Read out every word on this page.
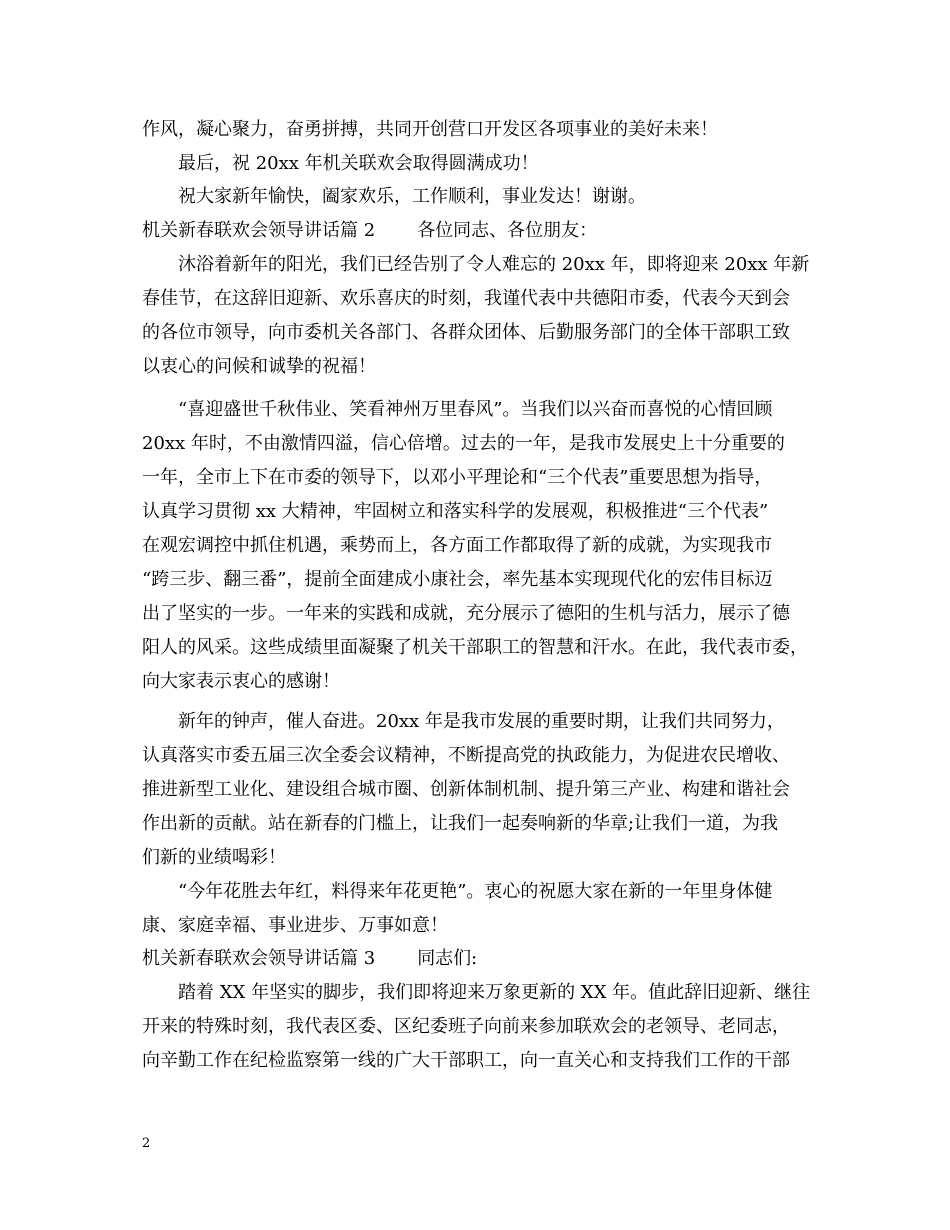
作风，凝心聚力，奋勇拼搏，共同开创营口开发区各项事业的美好未来！
最后，祝 20xx 年机关联欢会取得圆满成功！
祝大家新年愉快，阖家欢乐，工作顺利，事业发达！谢谢。
机关新春联欢会领导讲话篇 2 各位同志、各位朋友：
沐浴着新年的阳光，我们已经告别了令人难忘的 20xx 年，即将迎来 20xx 年新
春佳节，在这辞旧迎新、欢乐喜庆的时刻，我谨代表中共德阳市委，代表今天到会
的各位市领导，向市委机关各部门、各群众团体、后勤服务部门的全体干部职工致
以衷心的问候和诚挚的祝福！
“喜迎盛世千秋伟业、笑看神州万里春风”。当我们以兴奋而喜悦的心情回顾
20xx 年时，不由激情四溢，信心倍增。过去的一年，是我市发展史上十分重要的
一年，全市上下在市委的领导下，以邓小平理论和“三个代表”重要思想为指导，
认真学习贯彻 xx 大精神，牢固树立和落实科学的发展观，积极推进“三个代表”
在观宏调控中抓住机遇，乘势而上，各方面工作都取得了新的成就，为实现我市
“跨三步、翻三番”，提前全面建成小康社会，率先基本实现现代化的宏伟目标迈
出了坚实的一步。一年来的实践和成就，充分展示了德阳的生机与活力，展示了德
阳人的风采。这些成绩里面凝聚了机关干部职工的智慧和汗水。在此，我代表市委，
向大家表示衷心的感谢！
新年的钟声，催人奋进。20xx 年是我市发展的重要时期，让我们共同努力，
认真落实市委五届三次全委会议精神，不断提高党的执政能力，为促进农民增收、
推进新型工业化、建设组合城市圈、创新体制机制、提升第三产业、构建和谐社会
作出新的贡献。站在新春的门槛上，让我们一起奏响新的华章;让我们一道，为我
们新的业绩喝彩！
“今年花胜去年红，料得来年花更艳”。衷心的祝愿大家在新的一年里身体健
康、家庭幸福、事业进步、万事如意！
机关新春联欢会领导讲话篇 3 同志们:
踏着 XX 年坚实的脚步，我们即将迎来万象更新的 XX 年。值此辞旧迎新、继往
开来的特殊时刻，我代表区委、区纪委班子向前来参加联欢会的老领导、老同志，
向辛勤工作在纪检监察第一线的广大干部职工，向一直关心和支持我们工作的干部
2
